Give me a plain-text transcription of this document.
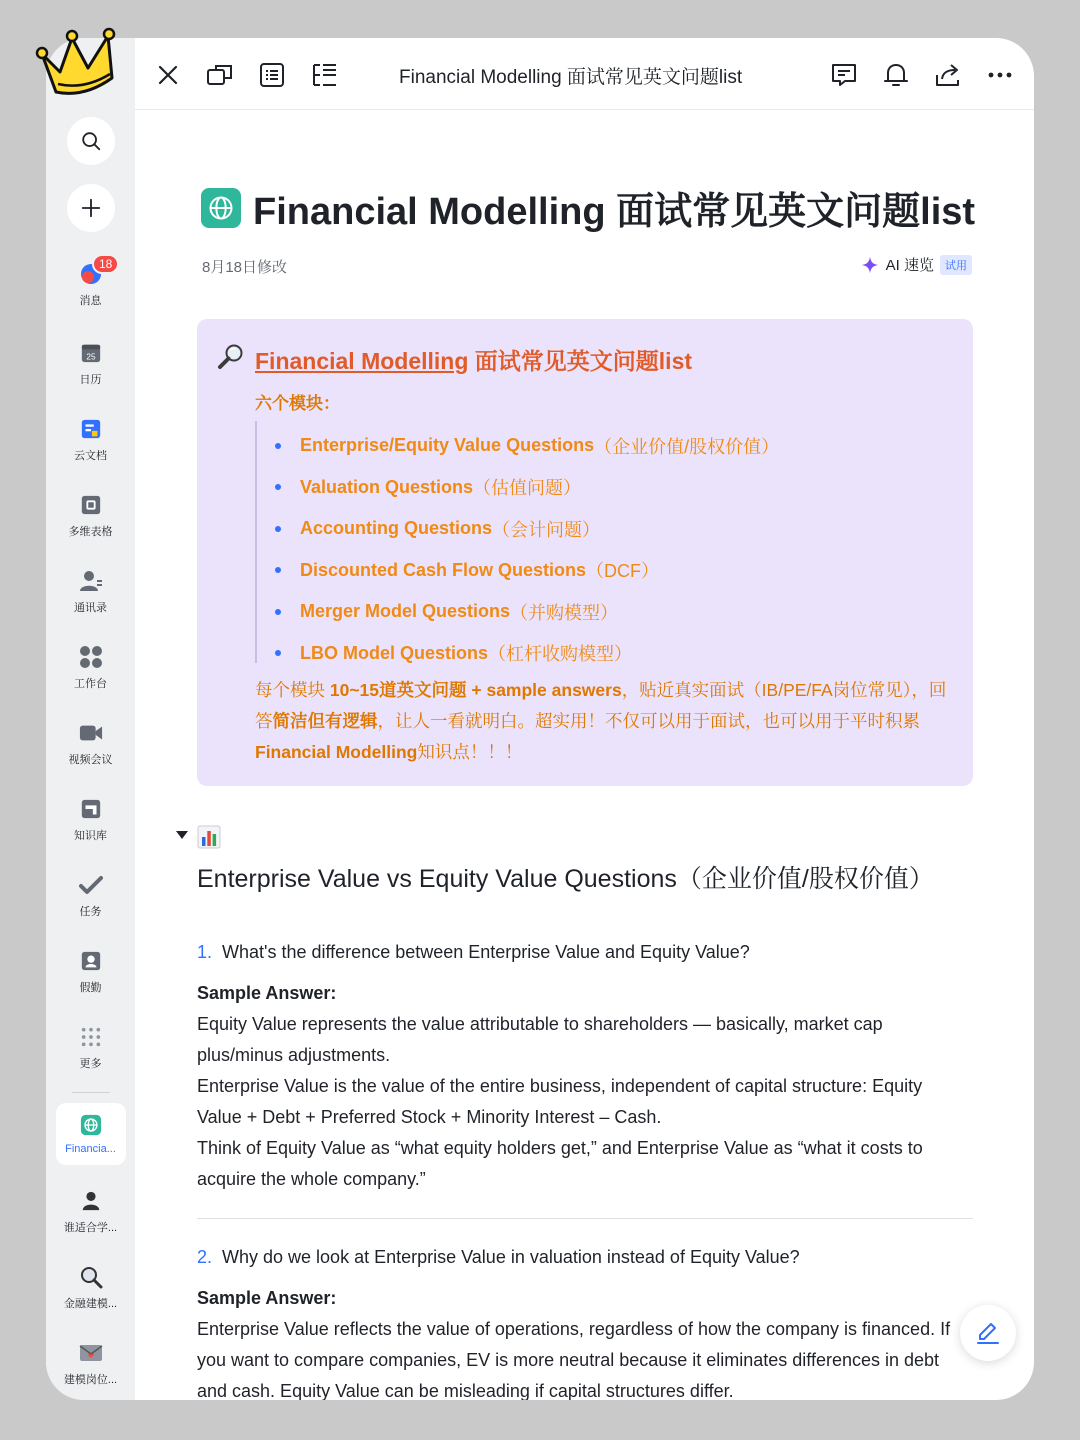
18
消息
25
日历
云文档
多维表格
通讯录
工作台
视频会议
知识库
任务
假勤
更多
Financia...
谁适合学...
金融建模...
建模岗位...
Financial Modelling 面试常见英文问题list
Financial Modelling 面试常见英文问题list
8月18日修改	AI 速览	试用
Financial Modelling 面试常见英文问题list
六个模块：
Enterprise/Equity Value Questions （企业价值/股权价值）
Valuation Questions （估值问题）
Accounting Questions （会计问题）
Discounted Cash Flow Questions （DCF）
Merger Model Questions （并购模型）
LBO Model Questions （杠杆收购模型）
每个模块 10~15道英文问题 + sample answers，贴近真实面试（IB/PE/FA岗位常见），回答简洁但有逻辑，让人一看就明白。超实用！不仅可以用于面试，也可以用于平时积累Financial Modelling知识点！！！
Enterprise Value vs Equity Value Questions（企业价值/股权价值）
1. What's the difference between Enterprise Value and Equity Value?
Sample Answer:

Equity Value represents the value attributable to shareholders — basically, market cap plus/minus adjustments.

Enterprise Value is the value of the entire business, independent of capital structure: Equity Value + Debt + Preferred Stock + Minority Interest – Cash.

Think of Equity Value as “what equity holders get,” and Enterprise Value as “what it costs to acquire the whole company.”

2. Why do we look at Enterprise Value in valuation instead of Equity Value?
Sample Answer:

Enterprise Value reflects the value of operations, regardless of how the company is financed. If you want to compare companies, EV is more neutral because it eliminates differences in debt and cash. Equity Value can be misleading if capital structures differ.
